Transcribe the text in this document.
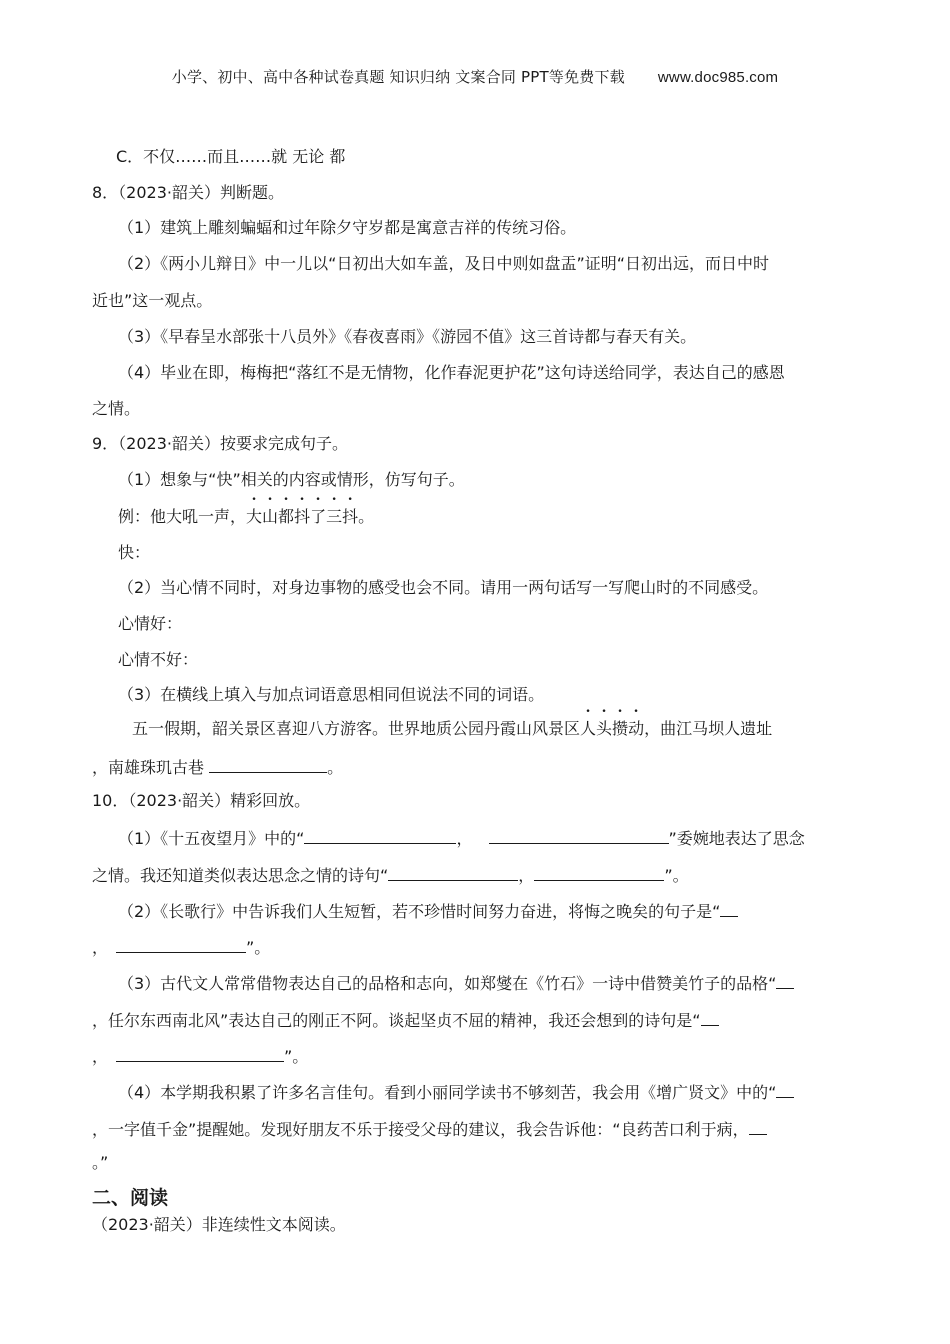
小学、初中、高中各种试卷真题 知识归纳 文案合同 PPT等免费下载 www.doc985.com
C．不仅……而且……就 无论 都
8．（2023·韶关）判断题。
（1）建筑上雕刻蝙蝠和过年除夕守岁都是寓意吉祥的传统习俗。
（2）《两小儿辩日》中一儿以“日初出大如车盖，及日中则如盘盂”证明“日初出远，而日中时
近也”这一观点。
（3）《早春呈水部张十八员外》《春夜喜雨》《游园不值》这三首诗都与春天有关。
（4）毕业在即，梅梅把“落红不是无情物，化作春泥更护花”这句诗送给同学，表达自己的感恩
之情。
9．（2023·韶关）按要求完成句子。
（1）想象与“快”相关的内容或情形，仿写句子。
例：他大吼一声，大山都抖了三抖。
快：
（2）当心情不同时，对身边事物的感受也会不同。请用一两句话写一写爬山时的不同感受。
心情好：
心情不好：
（3）在横线上填入与加点词语意思相同但说法不同的词语。
五一假期，韶关景区喜迎八方游客。世界地质公园丹霞山风景区人头攒动，曲江马坝人遗址
，南雄珠玑古巷	。
10．（2023·韶关）精彩回放。
（1）《十五夜望月》中的“	，	”委婉地表达了思念
之情。我还知道类似表达思念之情的诗句“	，	”。
（2）《长歌行》中告诉我们人生短暂，若不珍惜时间努力奋进，将悔之晚矣的句子是“
，	”。
（3）古代文人常常借物表达自己的品格和志向，如郑燮在《竹石》一诗中借赞美竹子的品格“
，任尔东西南北风”表达自己的刚正不阿。谈起坚贞不屈的精神，我还会想到的诗句是“
，	”。
（4）本学期我积累了许多名言佳句。看到小丽同学读书不够刻苦，我会用《增广贤文》中的“
，一字值千金”提醒她。发现好朋友不乐于接受父母的建议，我会告诉他：“良药苦口利于病，
。”
二、阅读
（2023·韶关）非连续性文本阅读。
